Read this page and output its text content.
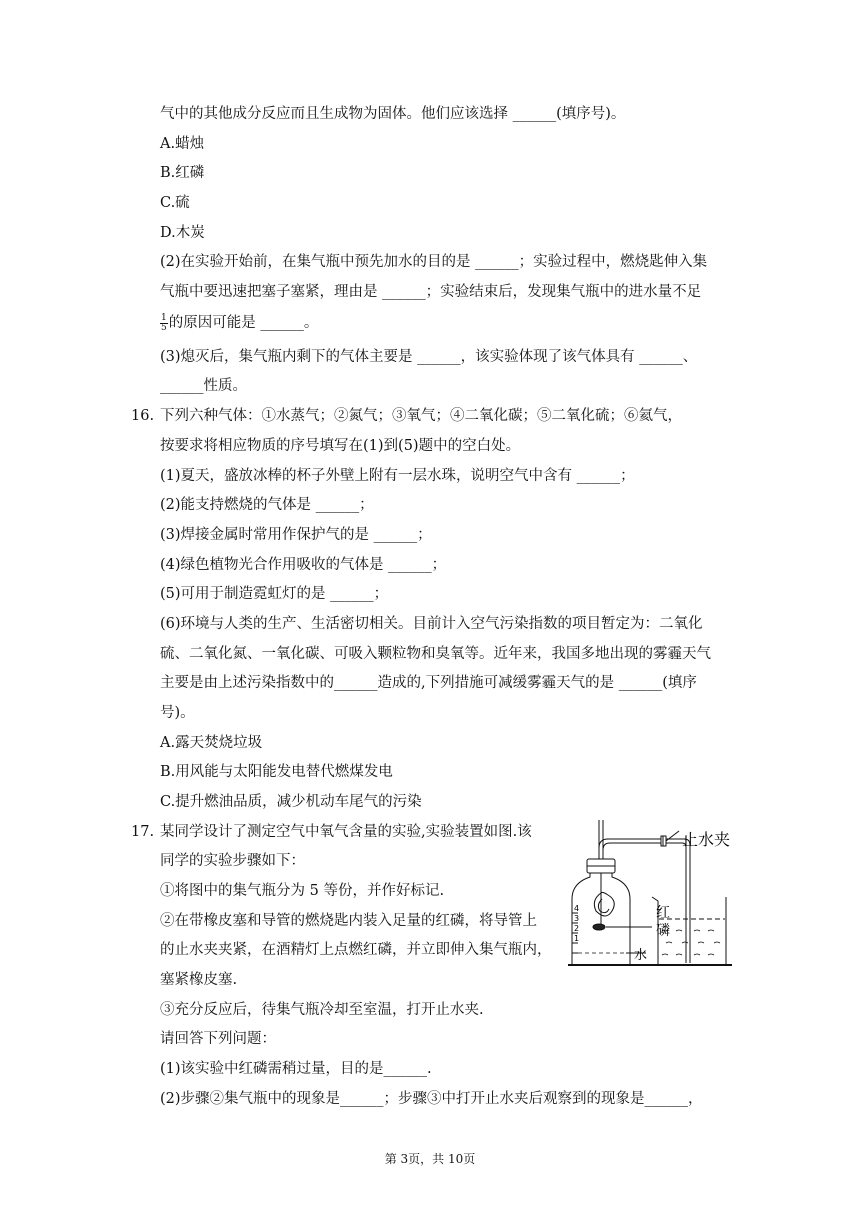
气中的其他成分反应而且生成物为固体。他们应该选择 ______(填序号)。
A.蜡烛
B.红磷
C.硫
D.木炭
(2)在实验开始前，在集气瓶中预先加水的目的是 ______；实验过程中，燃烧匙伸入集
气瓶中要迅速把塞子塞紧，理由是 ______；实验结束后，发现集气瓶中的进水量不足
$\frac{1}{5}$ 的原因可能是 ______。
(3)熄灭后，集气瓶内剩下的气体主要是 ______，该实验体现了该气体具有 ______、
______性质。
16. 下列六种气体：①水蒸气；②氮气；③氧气；④二氧化碳；⑤二氧化硫；⑥氦气，
按要求将相应物质的序号填写在(1)到(5)题中的空白处。
(1)夏天，盛放冰棒的杯子外壁上附有一层水珠，说明空气中含有 ______；
(2)能支持燃烧的气体是 ______；
(3)焊接金属时常用作保护气的是 ______；
(4)绿色植物光合作用吸收的气体是 ______；
(5)可用于制造霓虹灯的是 ______；
(6)环境与人类的生产、生活密切相关。目前计入空气污染指数的项目暂定为：二氧化
硫、二氧化氮、一氧化碳、可吸入颗粒物和臭氧等。近年来，我国多地出现的雾霾天气
主要是由上述污染指数中的______造成的,下列措施可减缓雾霾天气的是 ______(填序
号)。
A.露天焚烧垃圾
B.用风能与太阳能发电替代燃煤发电
C.提升燃油品质，减少机动车尾气的污染
17. 某同学设计了测定空气中氧气含量的实验,实验装置如图.该
同学的实验步骤如下：
①将图中的集气瓶分为 5 等份，并作好标记.
②在带橡皮塞和导管的燃烧匙内装入足量的红磷，将导管上
的止水夹夹紧，在酒精灯上点燃红磷，并立即伸入集气瓶内，
塞紧橡皮塞.
③充分反应后，待集气瓶冷却至室温，打开止水夹.
请回答下列问题：
(1)该实验中红磷需稍过量，目的是______.
(2)步骤②集气瓶中的现象是______；步骤③中打开止水夹后观察到的现象是______，
止水夹
红
磷
水
4
3
2
1
第 3页，共 10页
